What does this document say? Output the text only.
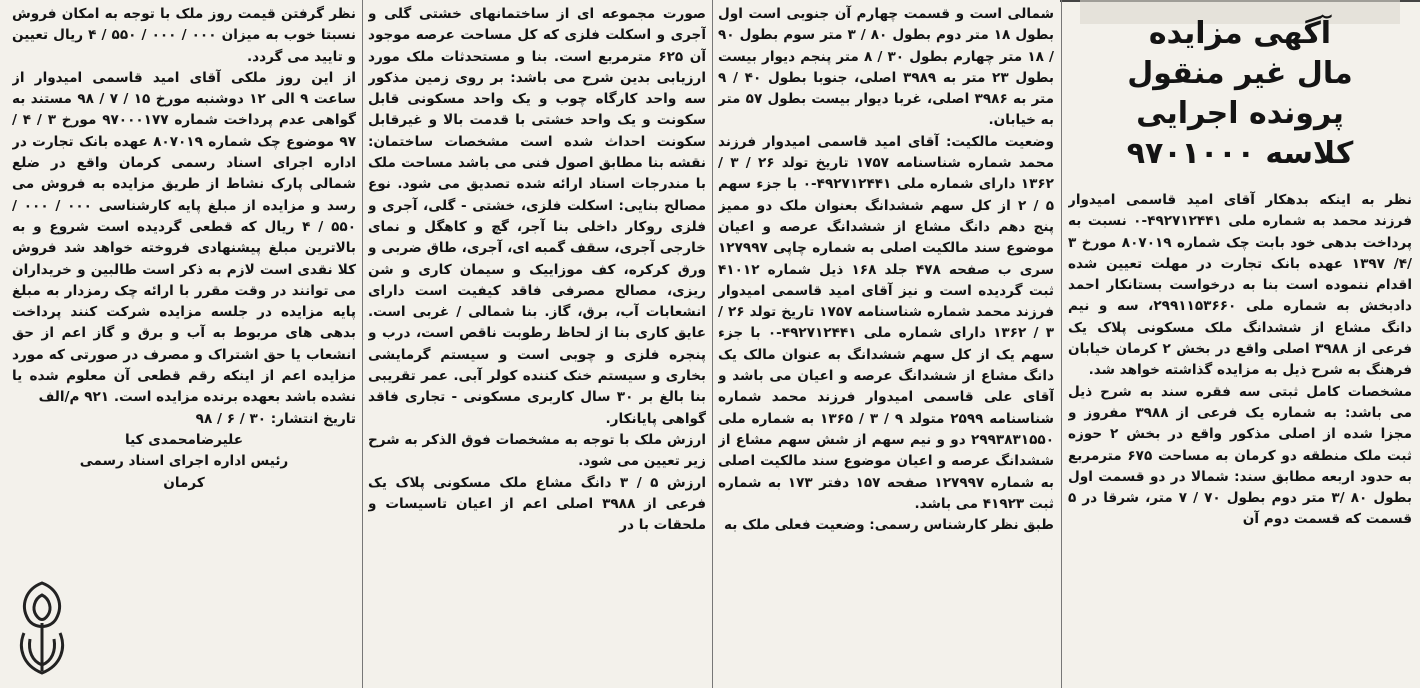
آگهی مزایده
مال غیر منقول
پرونده اجرایی
کلاسه ۹۷۰۱۰۰۰

نظر به اینکه بدهکار آقای امید قاسمی امیدوار فرزند محمد به شماره ملی ۴۹۲۷۱۲۴۴۱-۰ نسبت به پرداخت بدهی خود بابت چک شماره ۸۰۷۰۱۹ مورخ ۳ /۴/ ۱۳۹۷ عهده بانک تجارت در مهلت تعیین شده اقدام ننموده است بنا به درخواست بستانکار احمد دادبخش به شماره ملی ۲۹۹۱۱۵۳۶۶۰، سه و نیم دانگ مشاع از ششدانگ ملک مسکونی پلاک یک فرعی از ۳۹۸۸ اصلی واقع در بخش ۲ کرمان خیابان فرهنگ به شرح ذیل به مزایده گذاشته خواهد شد.

مشخصات کامل ثبتی سه فقره سند به شرح ذیل می باشد: به شماره یک فرعی از ۳۹۸۸ مفروز و مجزا شده از اصلی مذکور واقع در بخش ۲ حوزه ثبت ملک منطقه دو کرمان به مساحت ۶۷۵ مترمربع به حدود اربعه مطابق سند: شمالا در دو قسمت اول بطول ۸۰ /۳ متر دوم بطول ۷۰ / ۷ متر، شرقا در ۵ قسمت که قسمت دوم آن

شمالی است و قسمت چهارم آن جنوبی است اول بطول ۱۸ متر دوم بطول ۸۰ / ۳ متر سوم بطول ۹۰ / ۱۸ متر چهارم بطول ۳۰ / ۸ متر پنجم دیوار بیست بطول ۲۳ متر به ۳۹۸۹ اصلی، جنوبا بطول ۴۰ / ۹ متر به ۳۹۸۶ اصلی، غربا دیوار بیست بطول ۵۷ متر به خیابان.

وضعیت مالکیت: آقای امید قاسمی امیدوار فرزند محمد شماره شناسنامه ۱۷۵۷ تاریخ تولد ۲۶ / ۳ / ۱۳۶۲ دارای شماره ملی ۴۹۲۷۱۲۴۴۱-۰ با جزء سهم ۵ / ۲ از کل سهم ششدانگ بعنوان ملک دو ممیز پنج دهم دانگ مشاع از ششدانگ عرصه و اعیان موضوع سند مالکیت اصلی به شماره چاپی ۱۲۷۹۹۷ سری ب صفحه ۴۷۸ جلد ۱۶۸ ذیل شماره ۴۱۰۱۲ ثبت گردیده است و نیز آقای امید قاسمی امیدوار فرزند محمد شماره شناسنامه ۱۷۵۷ تاریخ تولد ۲۶ / ۳ / ۱۳۶۲ دارای شماره ملی ۴۹۲۷۱۲۴۴۱-۰ با جزء سهم یک از کل سهم ششدانگ به عنوان مالک یک دانگ مشاع از ششدانگ عرصه و اعیان می باشد و آقای علی قاسمی امیدوار فرزند محمد شماره شناسنامه ۲۵۹۹ متولد ۹ / ۳ / ۱۳۶۵ به شماره ملی ۲۹۹۳۸۳۱۵۵۰ دو و نیم سهم از شش سهم مشاع از ششدانگ عرصه و اعیان موضوع سند مالکیت اصلی به شماره ۱۲۷۹۹۷ صفحه ۱۵۷ دفتر ۱۷۳ به شماره ثبت ۴۱۹۲۳ می باشد.

طبق نظر کارشناس رسمی: وضعیت فعلی ملک به

صورت مجموعه ای از ساختمانهای خشتی گلی و آجری و اسکلت فلزی که کل مساحت عرصه موجود آن ۶۲۵ مترمربع است. بنا و مستحدثات ملک مورد ارزیابی بدین شرح می باشد: بر روی زمین مذکور سه واحد کارگاه چوب و یک واحد مسکونی قابل سکونت و یک واحد خشتی با قدمت بالا و غیرقابل سکونت احداث شده است مشخصات ساختمان: نقشه بنا مطابق اصول فنی می باشد مساحت ملک با مندرجات اسناد ارائه شده تصدیق می شود. نوع مصالح بنایی: اسکلت فلزی، خشتی - گلی، آجری و فلزی روکار داخلی بنا آجر، گچ و کاهگل و نمای خارجی آجری، سقف گمبه ای، آجری، طاق ضربی و ورق کرکره، کف موزاییک و سیمان کاری و شن ریزی، مصالح مصرفی فاقد کیفیت است دارای انشعابات آب، برق، گاز. بنا شمالی / غربی است. عایق کاری بنا از لحاظ رطوبت ناقص است، درب و پنجره فلزی و چوبی است و سیستم گرمایشی بخاری و سیستم خنک کننده کولر آبی. عمر تقریبی بنا بالغ بر ۳۰ سال کاربری مسکونی - تجاری فاقد گواهی پایانکار.

ارزش ملک با توجه به مشخصات فوق الذکر به شرح زیر تعیین می شود.

ارزش ۵ / ۳ دانگ مشاع ملک مسکونی پلاک یک فرعی از ۳۹۸۸ اصلی اعم از اعیان تاسیسات و ملحقات با در

نظر گرفتن قیمت روز ملک با توجه به امکان فروش نسبتا خوب به میزان ۰۰۰ / ۰۰۰ / ۵۵۰ / ۴ ریال تعیین و تایید می گردد.

از این روز ملکی آقای امید قاسمی امیدوار از ساعت ۹ الی ۱۲ دوشنبه مورخ ۱۵ / ۷ / ۹۸ مستند به گواهی عدم پرداخت شماره ۹۷۰۰۰۱۷۷ مورخ ۳ / ۴ / ۹۷ موضوع چک شماره ۸۰۷۰۱۹ عهده بانک تجارت در اداره اجرای اسناد رسمی کرمان واقع در ضلع شمالی پارک نشاط از طریق مزایده به فروش می رسد و مزایده از مبلغ پایه کارشناسی ۰۰۰ / ۰۰۰ / ۵۵۰ / ۴ ریال که قطعی گردیده است شروع و به بالاترین مبلغ پیشنهادی فروخته خواهد شد فروش کلا نقدی است لازم به ذکر است طالبین و خریداران می توانند در وقت مقرر با ارائه چک رمزدار به مبلغ پایه مزایده در جلسه مزایده شرکت کنند پرداخت بدهی های مربوط به آب و برق و گاز اعم از حق انشعاب یا حق اشتراک و مصرف در صورتی که مورد مزایده اعم از اینکه رقم قطعی آن معلوم شده یا نشده باشد بعهده برنده مزایده است. ۹۲۱ م/الف

تاریخ انتشار: ۳۰ / ۶ / ۹۸

علیرضامحمدی کیا

رئیس اداره اجرای اسناد رسمی

کرمان
